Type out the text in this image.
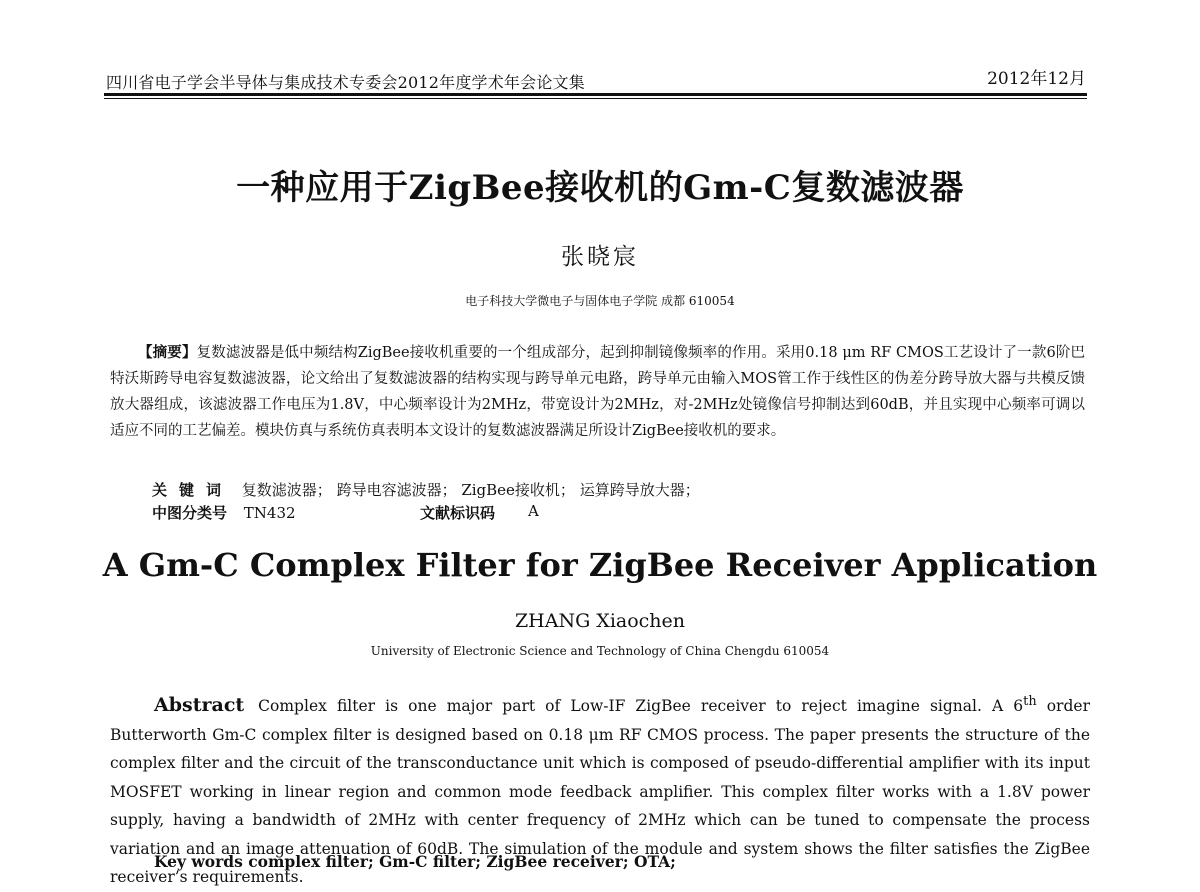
四川省电子学会半导体与集成技术专委会2012年度学术年会论文集	2012年12月
一种应用于ZigBee接收机的Gm-C复数滤波器
张晓宸
电子科技大学微电子与固体电子学院 成都 610054
【摘要】复数滤波器是低中频结构ZigBee接收机重要的一个组成部分，起到抑制镜像频率的作用。采用0.18 μm RF CMOS工艺设计了一款6阶巴特沃斯跨导电容复数滤波器，论文给出了复数滤波器的结构实现与跨导单元电路，跨导单元由输入MOS管工作于线性区的伪差分跨导放大器与共模反馈放大器组成，该滤波器工作电压为1.8V，中心频率设计为2MHz，带宽设计为2MHz，对-2MHz处镜像信号抑制达到60dB，并且实现中心频率可调以适应不同的工艺偏差。模块仿真与系统仿真表明本文设计的复数滤波器满足所设计ZigBee接收机的要求。
关键词 复数滤波器； 跨导电容滤波器； ZigBee接收机； 运算跨导放大器；
中图分类号 TN432	文献标识码 A
A Gm-C Complex Filter for ZigBee Receiver Application
ZHANG Xiaochen
University of Electronic Science and Technology of China Chengdu 610054
Abstract Complex filter is one major part of Low-IF ZigBee receiver to reject imagine signal. A 6th order Butterworth Gm-C complex filter is designed based on 0.18 μm RF CMOS process. The paper presents the structure of the complex filter and the circuit of the transconductance unit which is composed of pseudo-differential amplifier with its input MOSFET working in linear region and common mode feedback amplifier. This complex filter works with a 1.8V power supply, having a bandwidth of 2MHz with center frequency of 2MHz which can be tuned to compensate the process variation and an image attenuation of 60dB. The simulation of the module and system shows the filter satisfies the ZigBee receiver’s requirements.
Key words complex filter; Gm-C filter; ZigBee receiver; OTA;
